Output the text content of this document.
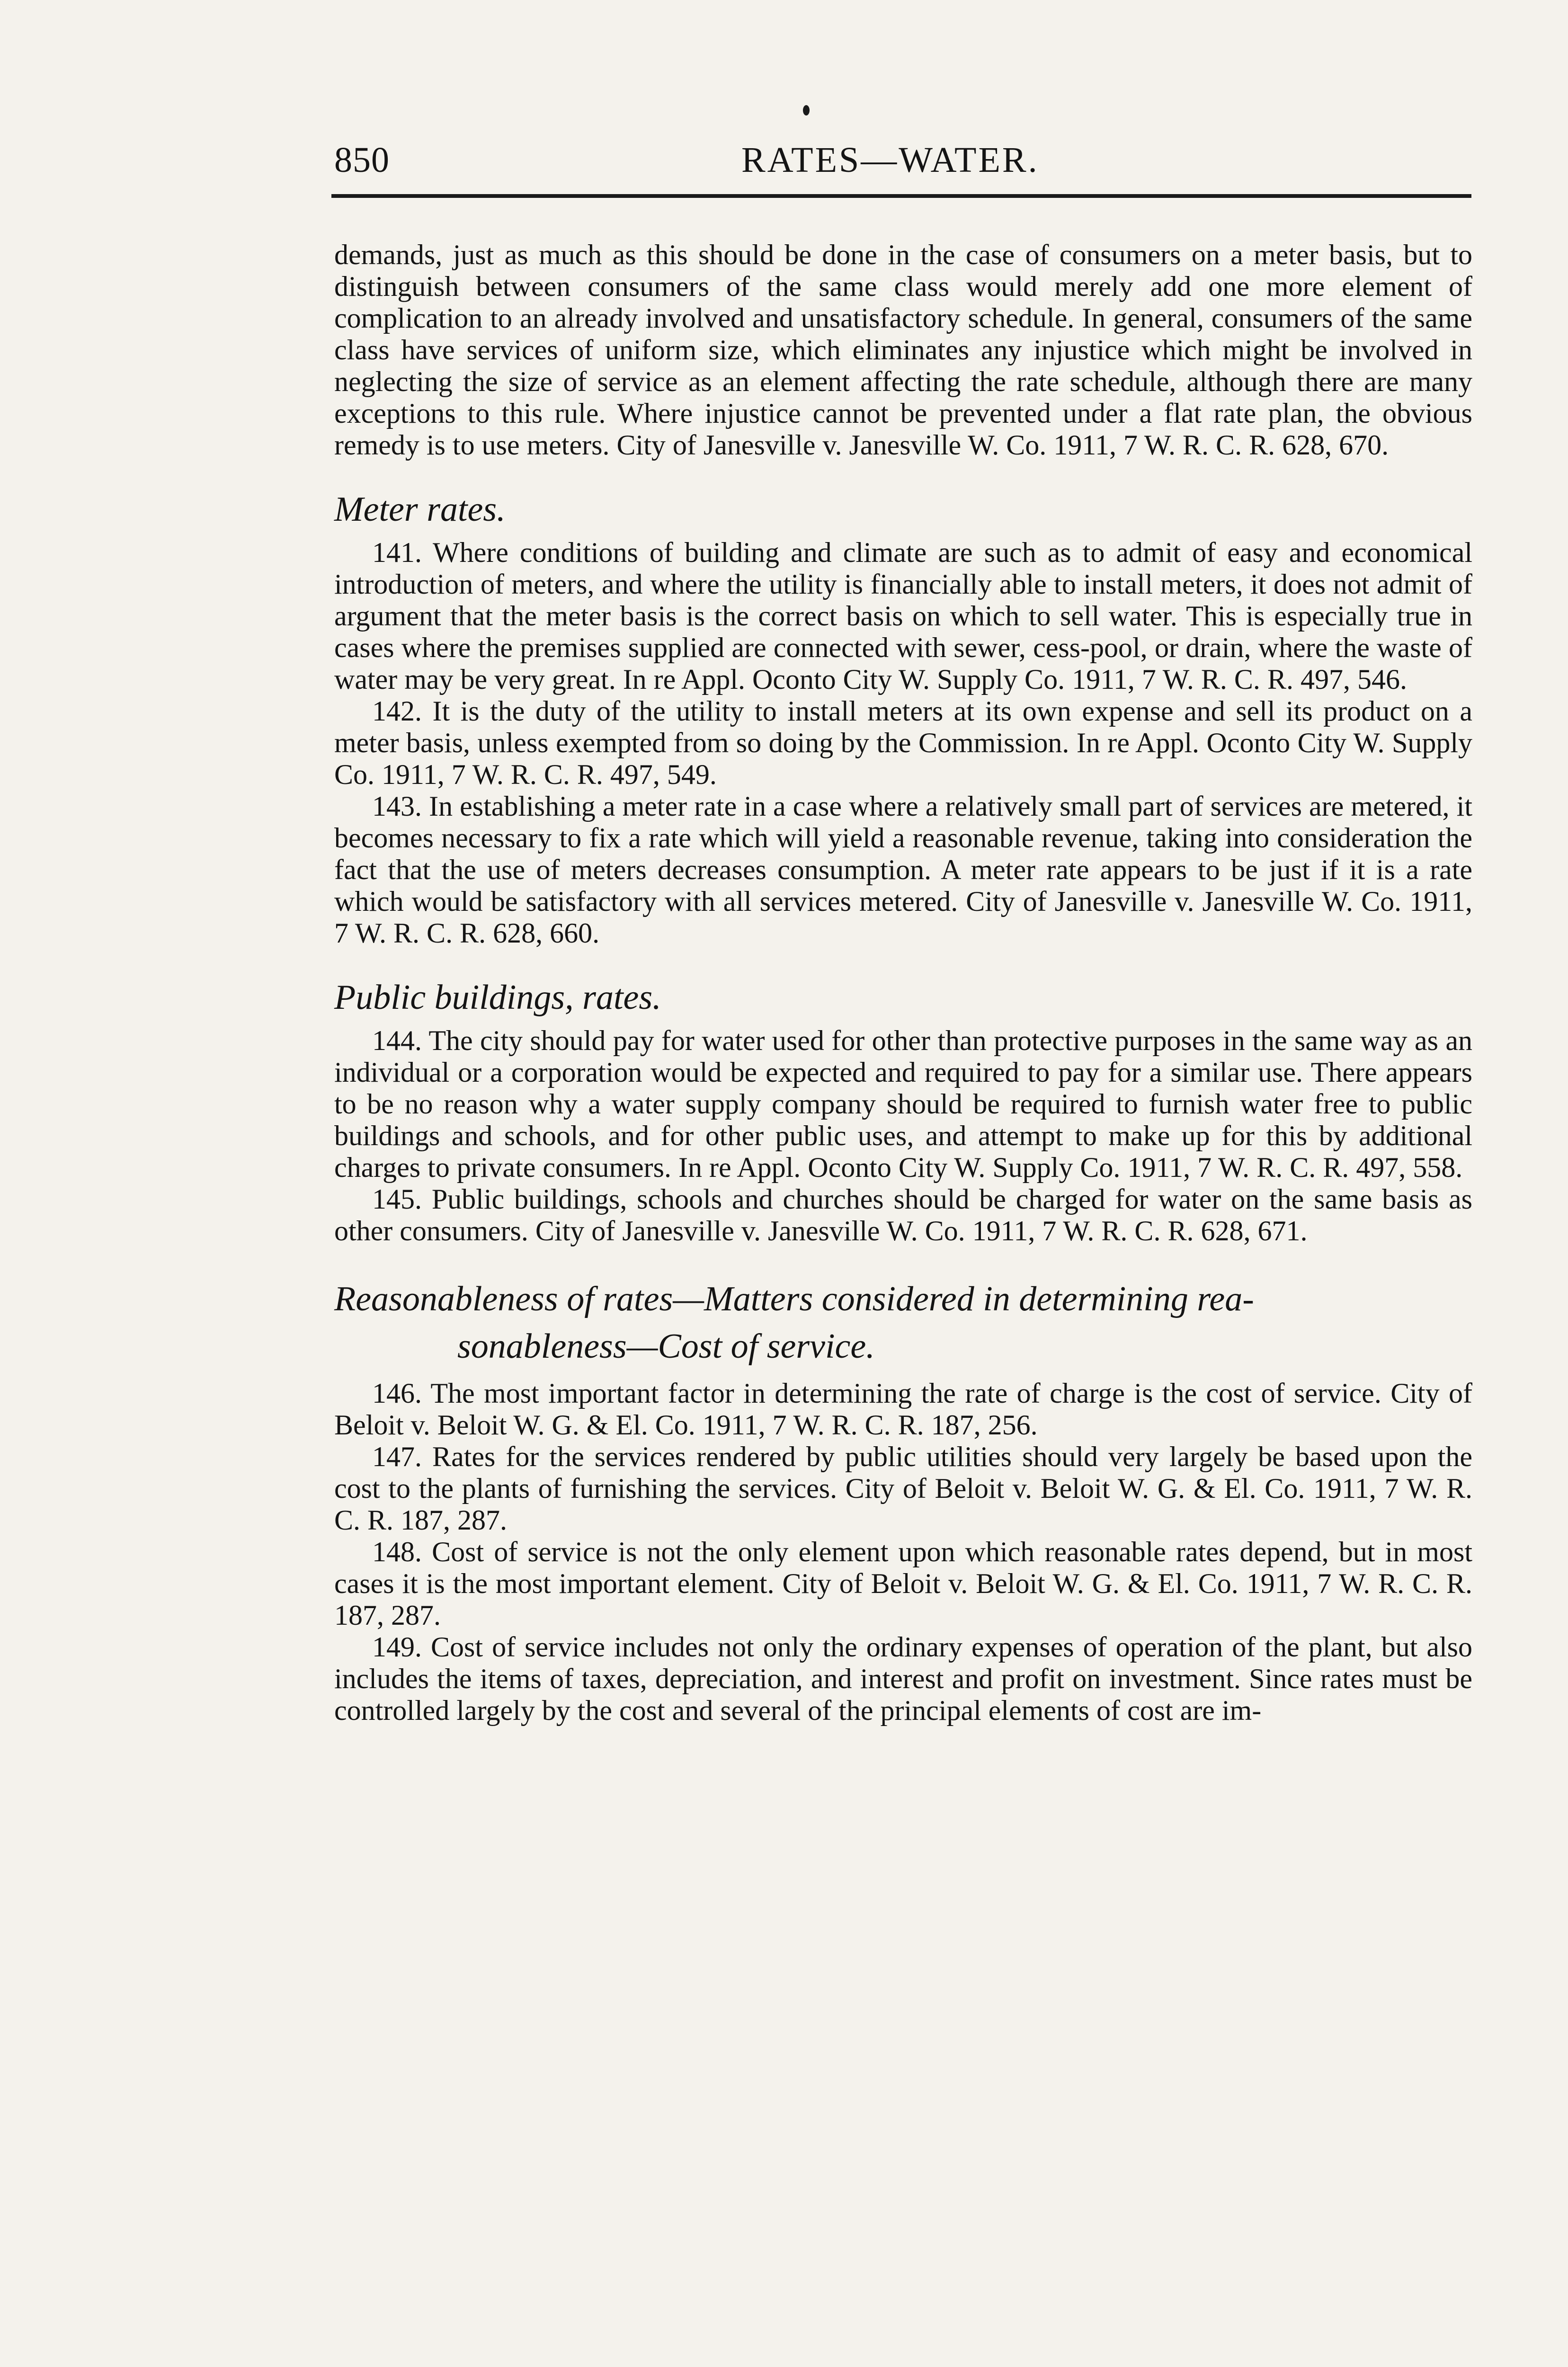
850	RATES—WATER.

demands, just as much as this should be done in the case of consumers on a meter basis, but to distinguish between consumers of the same class would merely add one more element of complication to an already involved and unsatisfactory schedule. In general, consumers of the same class have services of uniform size, which eliminates any injustice which might be involved in neglecting the size of service as an element affecting the rate schedule, although there are many exceptions to this rule. Where injustice cannot be prevented under a flat rate plan, the obvious remedy is to use meters. City of Janesville v. Janesville W. Co. 1911, 7 W. R. C. R. 628, 670.

Meter rates.

141. Where conditions of building and climate are such as to admit of easy and economical introduction of meters, and where the utility is financially able to install meters, it does not admit of argument that the meter basis is the correct basis on which to sell water. This is especially true in cases where the premises supplied are connected with sewer, cess-pool, or drain, where the waste of water may be very great. In re Appl. Oconto City W. Supply Co. 1911, 7 W. R. C. R. 497, 546.

142. It is the duty of the utility to install meters at its own expense and sell its product on a meter basis, unless exempted from so doing by the Commission. In re Appl. Oconto City W. Supply Co. 1911, 7 W. R. C. R. 497, 549.

143. In establishing a meter rate in a case where a relatively small part of services are metered, it becomes necessary to fix a rate which will yield a reasonable revenue, taking into consideration the fact that the use of meters decreases consumption. A meter rate appears to be just if it is a rate which would be satisfactory with all services metered. City of Janesville v. Janesville W. Co. 1911, 7 W. R. C. R. 628, 660.

Public buildings, rates.

144. The city should pay for water used for other than protective purposes in the same way as an individual or a corporation would be expected and required to pay for a similar use. There appears to be no reason why a water supply company should be required to furnish water free to public buildings and schools, and for other public uses, and attempt to make up for this by additional charges to private consumers. In re Appl. Oconto City W. Supply Co. 1911, 7 W. R. C. R. 497, 558.

145. Public buildings, schools and churches should be charged for water on the same basis as other consumers. City of Janesville v. Janesville W. Co. 1911, 7 W. R. C. R. 628, 671.

Reasonableness of rates—Matters considered in determining rea-
sonableness—Cost of service.

146. The most important factor in determining the rate of charge is the cost of service. City of Beloit v. Beloit W. G. & El. Co. 1911, 7 W. R. C. R. 187, 256.

147. Rates for the services rendered by public utilities should very largely be based upon the cost to the plants of furnishing the services. City of Beloit v. Beloit W. G. & El. Co. 1911, 7 W. R. C. R. 187, 287.

148. Cost of service is not the only element upon which reasonable rates depend, but in most cases it is the most important element. City of Beloit v. Beloit W. G. & El. Co. 1911, 7 W. R. C. R. 187, 287.

149. Cost of service includes not only the ordinary expenses of operation of the plant, but also includes the items of taxes, depreciation, and interest and profit on investment. Since rates must be controlled largely by the cost and several of the principal elements of cost are im-
